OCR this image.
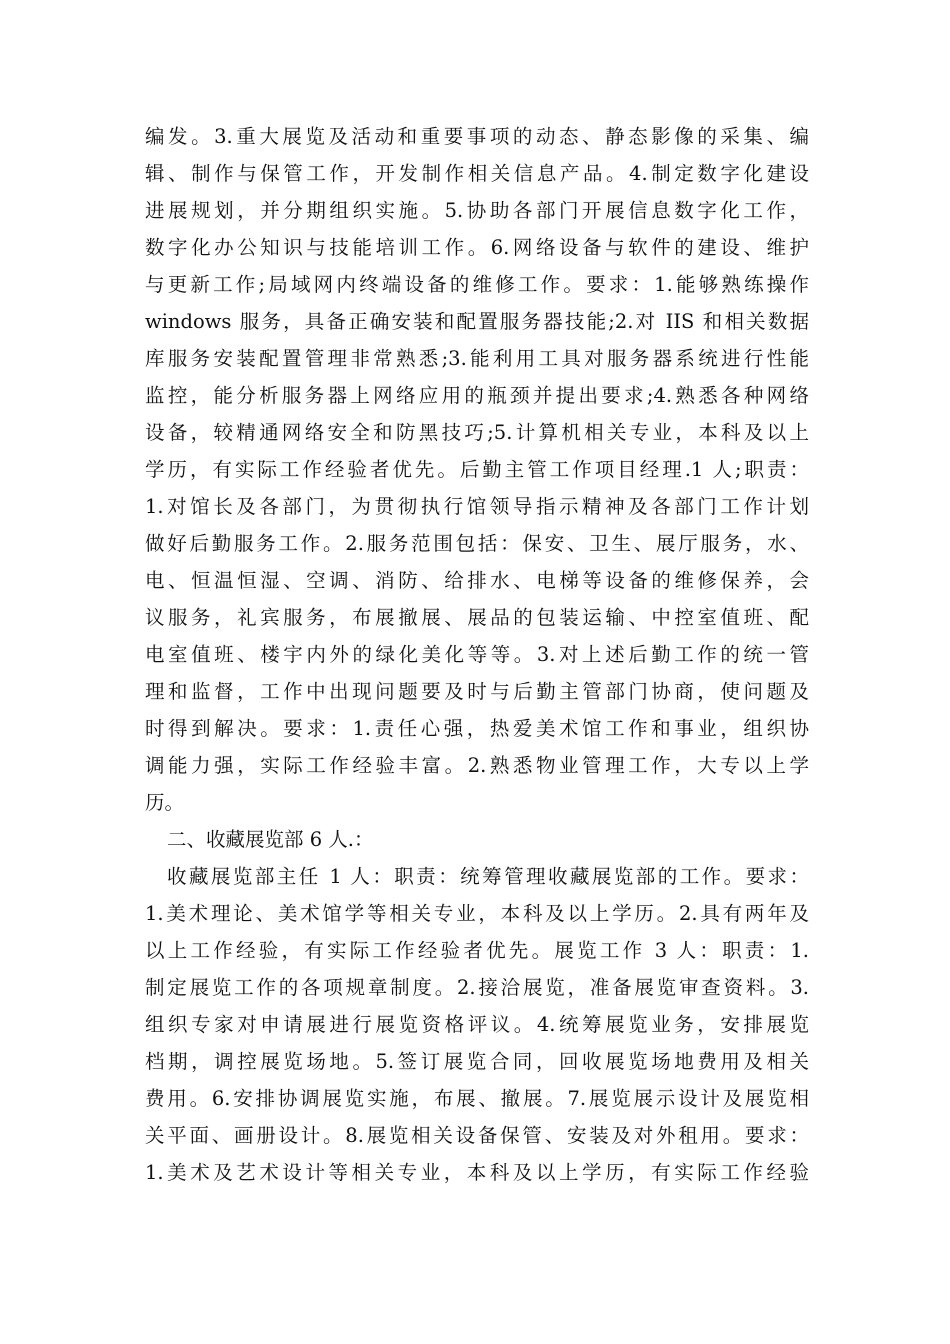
编发。3.重大展览及活动和重要事项的动态、静态影像的采集、编
辑、制作与保管工作，开发制作相关信息产品。4.制定数字化建设
进展规划，并分期组织实施。5.协助各部门开展信息数字化工作，
数字化办公知识与技能培训工作。6.网络设备与软件的建设、维护
与更新工作;局域网内终端设备的维修工作。要求：1.能够熟练操作
windows 服务，具备正确安装和配置服务器技能;2.对 IIS 和相关数据
库服务安装配置管理非常熟悉;3.能利用工具对服务器系统进行性能
监控，能分析服务器上网络应用的瓶颈并提出要求;4.熟悉各种网络
设备，较精通网络安全和防黑技巧;5.计算机相关专业，本科及以上
学历，有实际工作经验者优先。后勤主管工作项目经理.1 人;职责：
1.对馆长及各部门，为贯彻执行馆领导指示精神及各部门工作计划
做好后勤服务工作。2.服务范围包括：保安、卫生、展厅服务，水、
电、恒温恒湿、空调、消防、给排水、电梯等设备的维修保养，会
议服务，礼宾服务，布展撤展、展品的包装运输、中控室值班、配
电室值班、楼宇内外的绿化美化等等。3.对上述后勤工作的统一管
理和监督，工作中出现问题要及时与后勤主管部门协商，使问题及
时得到解决。要求：1.责任心强，热爱美术馆工作和事业，组织协
调能力强，实际工作经验丰富。2.熟悉物业管理工作，大专以上学
历。
二、收藏展览部 6 人.：
收藏展览部主任 1 人：职责：统筹管理收藏展览部的工作。要求：
1.美术理论、美术馆学等相关专业，本科及以上学历。2.具有两年及
以上工作经验，有实际工作经验者优先。展览工作 3 人：职责：1.
制定展览工作的各项规章制度。2.接洽展览，准备展览审查资料。3.
组织专家对申请展进行展览资格评议。4.统筹展览业务，安排展览
档期，调控展览场地。5.签订展览合同，回收展览场地费用及相关
费用。6.安排协调展览实施，布展、撤展。7.展览展示设计及展览相
关平面、画册设计。8.展览相关设备保管、安装及对外租用。要求：
1.美术及艺术设计等相关专业，本科及以上学历，有实际工作经验
